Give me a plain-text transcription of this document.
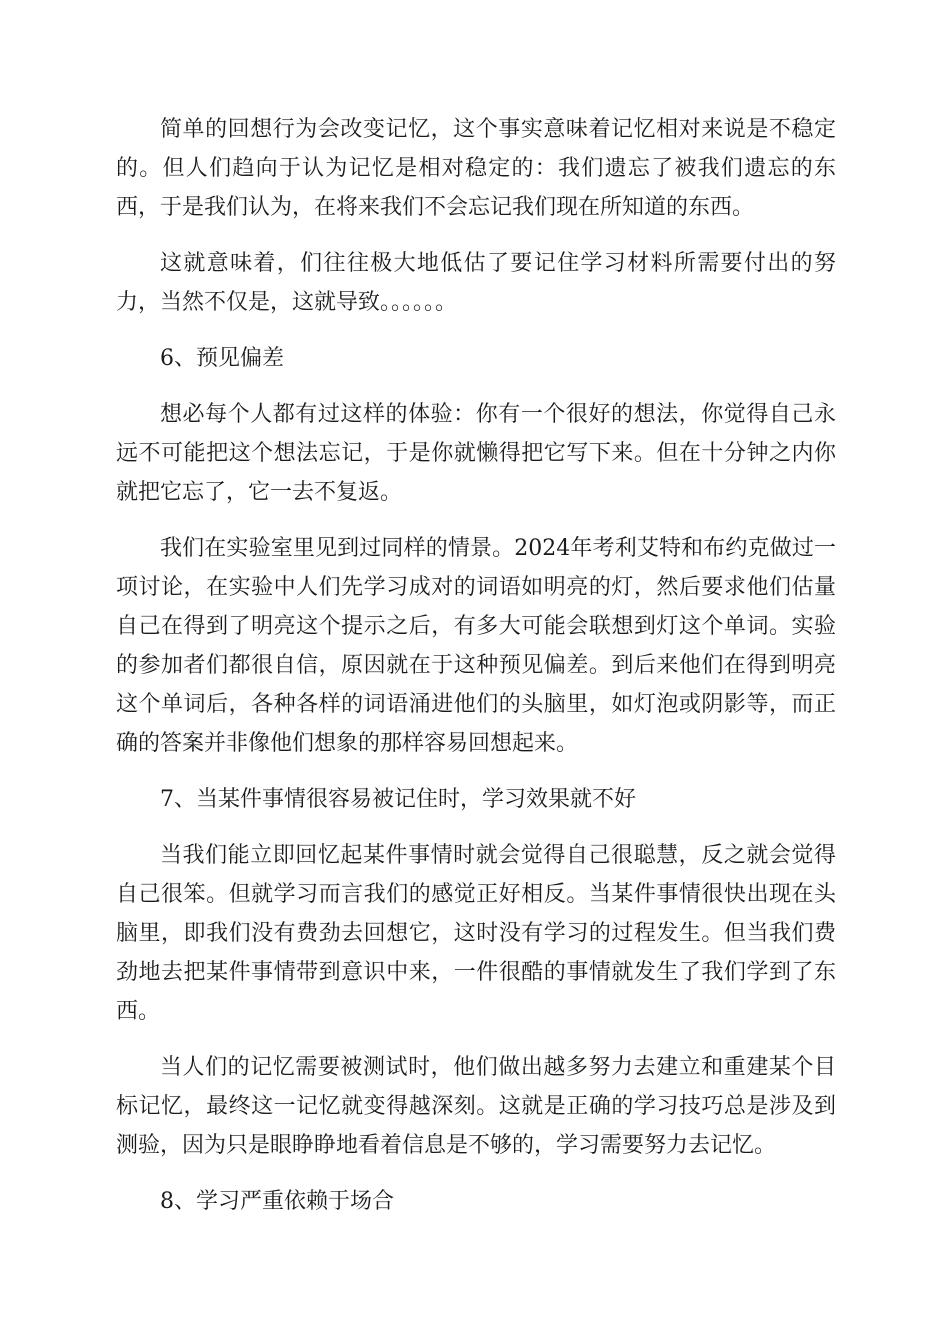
简单的回想行为会改变记忆，这个事实意味着记忆相对来说是不稳定的。但人们趋向于认为记忆是相对稳定的：我们遗忘了被我们遗忘的东西，于是我们认为，在将来我们不会忘记我们现在所知道的东西。

这就意味着，们往往极大地低估了要记住学习材料所需要付出的努力，当然不仅是，这就导致。。。。。。

6、预见偏差

想必每个人都有过这样的体验：你有一个很好的想法，你觉得自己永远不可能把这个想法忘记，于是你就懒得把它写下来。但在十分钟之内你就把它忘了，它一去不复返。

我们在实验室里见到过同样的情景。2024年考利艾特和布约克做过一项讨论，在实验中人们先学习成对的词语如明亮的灯，然后要求他们估量自己在得到了明亮这个提示之后，有多大可能会联想到灯这个单词。实验的参加者们都很自信，原因就在于这种预见偏差。到后来他们在得到明亮这个单词后，各种各样的词语涌进他们的头脑里，如灯泡或阴影等，而正确的答案并非像他们想象的那样容易回想起来。

7、当某件事情很容易被记住时，学习效果就不好

当我们能立即回忆起某件事情时就会觉得自己很聪慧，反之就会觉得自己很笨。但就学习而言我们的感觉正好相反。当某件事情很快出现在头脑里，即我们没有费劲去回想它，这时没有学习的过程发生。但当我们费劲地去把某件事情带到意识中来，一件很酷的事情就发生了我们学到了东西。

当人们的记忆需要被测试时，他们做出越多努力去建立和重建某个目标记忆，最终这一记忆就变得越深刻。这就是正确的学习技巧总是涉及到测验，因为只是眼睁睁地看着信息是不够的，学习需要努力去记忆。

8、学习严重依赖于场合
